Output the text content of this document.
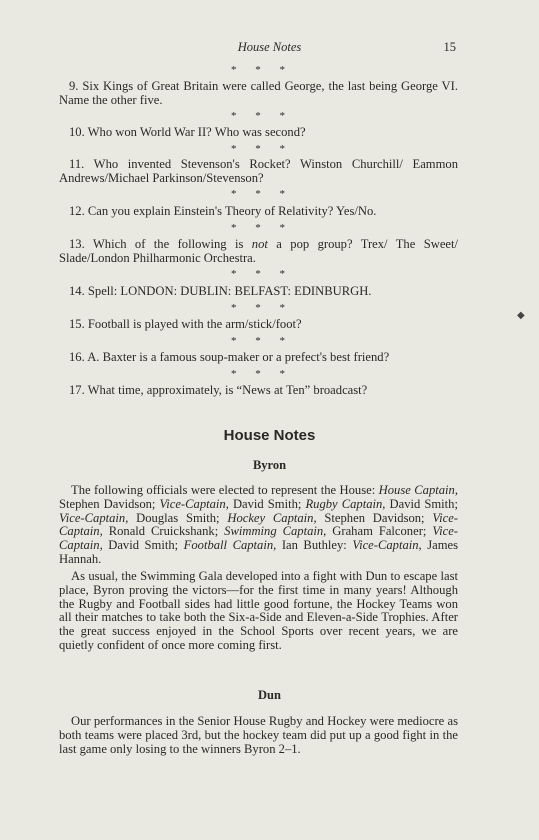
House Notes	15
* * *

9. Six Kings of Great Britain were called George, the last being George VI. Name the other five.

* * *

10. Who won World War II? Who was second?

* * *

11. Who invented Stevenson's Rocket? Winston Churchill/ Eammon Andrews/Michael Parkinson/Stevenson?

* * *

12. Can you explain Einstein's Theory of Relativity? Yes/No.

* * *

13. Which of the following is not a pop group? Trex/ The Sweet/ Slade/London Philharmonic Orchestra.

* * *

14. Spell: LONDON: DUBLIN: BELFAST: EDINBURGH.

* * *

15. Football is played with the arm/stick/foot?

* * *

16. A. Baxter is a famous soup-maker or a prefect's best friend?

* * *

17. What time, approximately, is “News at Ten” broadcast?

◆
House Notes
Byron

The following officials were elected to represent the House: House Captain, Stephen Davidson; Vice-Captain, David Smith; Rugby Captain, David Smith; Vice-Captain, Douglas Smith; Hockey Captain, Stephen Davidson; Vice-Captain, Ronald Cruickshank; Swimming Captain, Graham Falconer; Vice-Captain, David Smith; Football Captain, Ian Buthley: Vice-Captain, James Hannah.

As usual, the Swimming Gala developed into a fight with Dun to escape last place, Byron proving the victors—for the first time in many years! Although the Rugby and Football sides had little good fortune, the Hockey Teams won all their matches to take both the Six-a-Side and Eleven-a-Side Trophies. After the great success enjoyed in the School Sports over recent years, we are quietly confident of once more coming first.

Dun

Our performances in the Senior House Rugby and Hockey were mediocre as both teams were placed 3rd, but the hockey team did put up a good fight in the last game only losing to the winners Byron 2–1.
